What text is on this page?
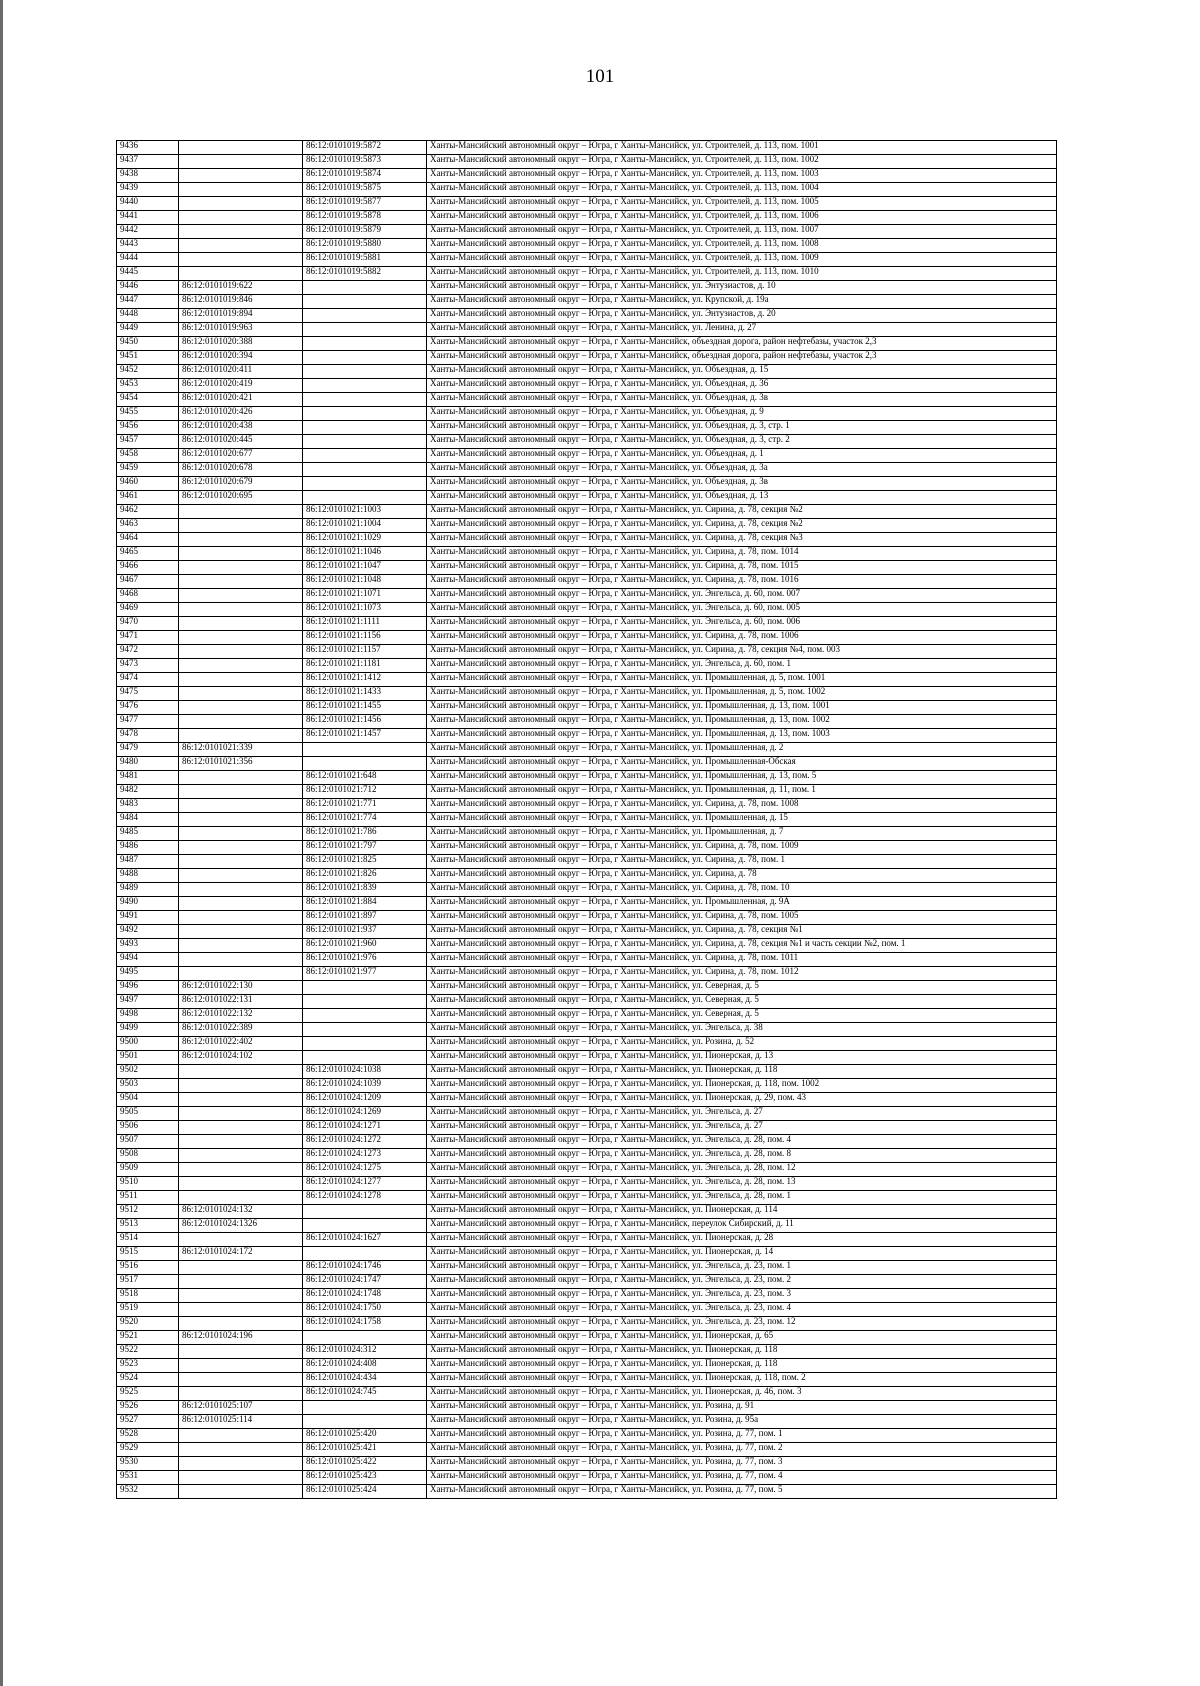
101
9436		86:12:0101019:5872	Ханты-Мансийский автономный округ – Югра, г Ханты-Мансийск, ул. Строителей, д. 113, пом. 1001
9437		86:12:0101019:5873	Ханты-Мансийский автономный округ – Югра, г Ханты-Мансийск, ул. Строителей, д. 113, пом. 1002
9438		86:12:0101019:5874	Ханты-Мансийский автономный округ – Югра, г Ханты-Мансийск, ул. Строителей, д. 113, пом. 1003
9439		86:12:0101019:5875	Ханты-Мансийский автономный округ – Югра, г Ханты-Мансийск, ул. Строителей, д. 113, пом. 1004
9440		86:12:0101019:5877	Ханты-Мансийский автономный округ – Югра, г Ханты-Мансийск, ул. Строителей, д. 113, пом. 1005
9441		86:12:0101019:5878	Ханты-Мансийский автономный округ – Югра, г Ханты-Мансийск, ул. Строителей, д. 113, пом. 1006
9442		86:12:0101019:5879	Ханты-Мансийский автономный округ – Югра, г Ханты-Мансийск, ул. Строителей, д. 113, пом. 1007
9443		86:12:0101019:5880	Ханты-Мансийский автономный округ – Югра, г Ханты-Мансийск, ул. Строителей, д. 113, пом. 1008
9444		86:12:0101019:5881	Ханты-Мансийский автономный округ – Югра, г Ханты-Мансийск, ул. Строителей, д. 113, пом. 1009
9445		86:12:0101019:5882	Ханты-Мансийский автономный округ – Югра, г Ханты-Мансийск, ул. Строителей, д. 113, пом. 1010
9446	86:12:0101019:622		Ханты-Мансийский автономный округ – Югра, г Ханты-Мансийск, ул. Энтузиастов, д. 10
9447	86:12:0101019:846		Ханты-Мансийский автономный округ – Югра, г Ханты-Мансийск, ул. Крупской, д. 19а
9448	86:12:0101019:894		Ханты-Мансийский автономный округ – Югра, г Ханты-Мансийск, ул. Энтузиастов, д. 20
9449	86:12:0101019:963		Ханты-Мансийский автономный округ – Югра, г Ханты-Мансийск, ул. Ленина, д. 27
9450	86:12:0101020:388		Ханты-Мансийский автономный округ – Югра, г Ханты-Мансийск, объездная дорога, район нефтебазы, участок 2,3
9451	86:12:0101020:394		Ханты-Мансийский автономный округ – Югра, г Ханты-Мансийск, объездная дорога, район нефтебазы, участок 2,3
9452	86:12:0101020:411		Ханты-Мансийский автономный округ – Югра, г Ханты-Мансийск, ул. Объездная, д. 15
9453	86:12:0101020:419		Ханты-Мансийский автономный округ – Югра, г Ханты-Мансийск, ул. Объездная, д. 36
9454	86:12:0101020:421		Ханты-Мансийский автономный округ – Югра, г Ханты-Мансийск, ул. Объездная, д. 3в
9455	86:12:0101020:426		Ханты-Мансийский автономный округ – Югра, г Ханты-Мансийск, ул. Объездная, д. 9
9456	86:12:0101020:438		Ханты-Мансийский автономный округ – Югра, г Ханты-Мансийск, ул. Объездная, д. 3, стр. 1
9457	86:12:0101020:445		Ханты-Мансийский автономный округ – Югра, г Ханты-Мансийск, ул. Объездная, д. 3, стр. 2
9458	86:12:0101020:677		Ханты-Мансийский автономный округ – Югра, г Ханты-Мансийск, ул. Объездная, д. 1
9459	86:12:0101020:678		Ханты-Мансийский автономный округ – Югра, г Ханты-Мансийск, ул. Объездная, д. 3а
9460	86:12:0101020:679		Ханты-Мансийский автономный округ – Югра, г Ханты-Мансийск, ул. Объездная, д. 3в
9461	86:12:0101020:695		Ханты-Мансийский автономный округ – Югра, г Ханты-Мансийск, ул. Объездная, д. 13
9462		86:12:0101021:1003	Ханты-Мансийский автономный округ – Югра, г Ханты-Мансийск, ул. Сирина, д. 78, секция №2
9463		86:12:0101021:1004	Ханты-Мансийский автономный округ – Югра, г Ханты-Мансийск, ул. Сирина, д. 78, секция №2
9464		86:12:0101021:1029	Ханты-Мансийский автономный округ – Югра, г Ханты-Мансийск, ул. Сирина, д. 78, секция №3
9465		86:12:0101021:1046	Ханты-Мансийский автономный округ – Югра, г Ханты-Мансийск, ул. Сирина, д. 78, пом. 1014
9466		86:12:0101021:1047	Ханты-Мансийский автономный округ – Югра, г Ханты-Мансийск, ул. Сирина, д. 78, пом. 1015
9467		86:12:0101021:1048	Ханты-Мансийский автономный округ – Югра, г Ханты-Мансийск, ул. Сирина, д. 78, пом. 1016
9468		86:12:0101021:1071	Ханты-Мансийский автономный округ – Югра, г Ханты-Мансийск, ул. Энгельса, д. 60, пом. 007
9469		86:12:0101021:1073	Ханты-Мансийский автономный округ – Югра, г Ханты-Мансийск, ул. Энгельса, д. 60, пом. 005
9470		86:12:0101021:1111	Ханты-Мансийский автономный округ – Югра, г Ханты-Мансийск, ул. Энгельса, д. 60, пом. 006
9471		86:12:0101021:1156	Ханты-Мансийский автономный округ – Югра, г Ханты-Мансийск, ул. Сирина, д. 78, пом. 1006
9472		86:12:0101021:1157	Ханты-Мансийский автономный округ – Югра, г Ханты-Мансийск, ул. Сирина, д. 78, секция №4, пом. 003
9473		86:12:0101021:1181	Ханты-Мансийский автономный округ – Югра, г Ханты-Мансийск, ул. Энгельса, д. 60, пом. 1
9474		86:12:0101021:1412	Ханты-Мансийский автономный округ – Югра, г Ханты-Мансийск, ул. Промышленная, д. 5, пом. 1001
9475		86:12:0101021:1433	Ханты-Мансийский автономный округ – Югра, г Ханты-Мансийск, ул. Промышленная, д. 5, пом. 1002
9476		86:12:0101021:1455	Ханты-Мансийский автономный округ – Югра, г Ханты-Мансийск, ул. Промышленная, д. 13, пом. 1001
9477		86:12:0101021:1456	Ханты-Мансийский автономный округ – Югра, г Ханты-Мансийск, ул. Промышленная, д. 13, пом. 1002
9478		86:12:0101021:1457	Ханты-Мансийский автономный округ – Югра, г Ханты-Мансийск, ул. Промышленная, д. 13, пом. 1003
9479	86:12:0101021:339		Ханты-Мансийский автономный округ – Югра, г Ханты-Мансийск, ул. Промышленная, д. 2
9480	86:12:0101021:356		Ханты-Мансийский автономный округ – Югра, г Ханты-Мансийск, ул. Промышленная-Обская
9481		86:12:0101021:648	Ханты-Мансийский автономный округ – Югра, г Ханты-Мансийск, ул. Промышленная, д. 13, пом. 5
9482		86:12:0101021:712	Ханты-Мансийский автономный округ – Югра, г Ханты-Мансийск, ул. Промышленная, д. 11, пом. 1
9483		86:12:0101021:771	Ханты-Мансийский автономный округ – Югра, г Ханты-Мансийск, ул. Сирина, д. 78, пом. 1008
9484		86:12:0101021:774	Ханты-Мансийский автономный округ – Югра, г Ханты-Мансийск, ул. Промышленная, д. 15
9485		86:12:0101021:786	Ханты-Мансийский автономный округ – Югра, г Ханты-Мансийск, ул. Промышленная, д. 7
9486		86:12:0101021:797	Ханты-Мансийский автономный округ – Югра, г Ханты-Мансийск, ул. Сирина, д. 78, пом. 1009
9487		86:12:0101021:825	Ханты-Мансийский автономный округ – Югра, г Ханты-Мансийск, ул. Сирина, д. 78, пом. 1
9488		86:12:0101021:826	Ханты-Мансийский автономный округ – Югра, г Ханты-Мансийск, ул. Сирина, д. 78
9489		86:12:0101021:839	Ханты-Мансийский автономный округ – Югра, г Ханты-Мансийск, ул. Сирина, д. 78, пом. 10
9490		86:12:0101021:884	Ханты-Мансийский автономный округ – Югра, г Ханты-Мансийск, ул. Промышленная, д. 9А
9491		86:12:0101021:897	Ханты-Мансийский автономный округ – Югра, г Ханты-Мансийск, ул. Сирина, д. 78, пом. 1005
9492		86:12:0101021:937	Ханты-Мансийский автономный округ – Югра, г Ханты-Мансийск, ул. Сирина, д. 78, секция №1
9493		86:12:0101021:960	Ханты-Мансийский автономный округ – Югра, г Ханты-Мансийск, ул. Сирина, д. 78, секция №1 и часть секции №2, пом. 1
9494		86:12:0101021:976	Ханты-Мансийский автономный округ – Югра, г Ханты-Мансийск, ул. Сирина, д. 78, пом. 1011
9495		86:12:0101021:977	Ханты-Мансийский автономный округ – Югра, г Ханты-Мансийск, ул. Сирина, д. 78, пом. 1012
9496	86:12:0101022:130		Ханты-Мансийский автономный округ – Югра, г Ханты-Мансийск, ул. Северная, д. 5
9497	86:12:0101022:131		Ханты-Мансийский автономный округ – Югра, г Ханты-Мансийск, ул. Северная, д. 5
9498	86:12:0101022:132		Ханты-Мансийский автономный округ – Югра, г Ханты-Мансийск, ул. Северная, д. 5
9499	86:12:0101022:389		Ханты-Мансийский автономный округ – Югра, г Ханты-Мансийск, ул. Энгельса, д. 38
9500	86:12:0101022:402		Ханты-Мансийский автономный округ – Югра, г Ханты-Мансийск, ул. Розина, д. 52
9501	86:12:0101024:102		Ханты-Мансийский автономный округ – Югра, г Ханты-Мансийск, ул. Пионерская, д. 13
9502		86:12:0101024:1038	Ханты-Мансийский автономный округ – Югра, г Ханты-Мансийск, ул. Пионерская, д. 118
9503		86:12:0101024:1039	Ханты-Мансийский автономный округ – Югра, г Ханты-Мансийск, ул. Пионерская, д. 118, пом. 1002
9504		86:12:0101024:1209	Ханты-Мансийский автономный округ – Югра, г Ханты-Мансийск, ул. Пионерская, д. 29, пом. 43
9505		86:12:0101024:1269	Ханты-Мансийский автономный округ – Югра, г Ханты-Мансийск, ул. Энгельса, д. 27
9506		86:12:0101024:1271	Ханты-Мансийский автономный округ – Югра, г Ханты-Мансийск, ул. Энгельса, д. 27
9507		86:12:0101024:1272	Ханты-Мансийский автономный округ – Югра, г Ханты-Мансийск, ул. Энгельса, д. 28, пом. 4
9508		86:12:0101024:1273	Ханты-Мансийский автономный округ – Югра, г Ханты-Мансийск, ул. Энгельса, д. 28, пом. 8
9509		86:12:0101024:1275	Ханты-Мансийский автономный округ – Югра, г Ханты-Мансийск, ул. Энгельса, д. 28, пом. 12
9510		86:12:0101024:1277	Ханты-Мансийский автономный округ – Югра, г Ханты-Мансийск, ул. Энгельса, д. 28, пом. 13
9511		86:12:0101024:1278	Ханты-Мансийский автономный округ – Югра, г Ханты-Мансийск, ул. Энгельса, д. 28, пом. 1
9512	86:12:0101024:132		Ханты-Мансийский автономный округ – Югра, г Ханты-Мансийск, ул. Пионерская, д. 114
9513	86:12:0101024:1326		Ханты-Мансийский автономный округ – Югра, г Ханты-Мансийск, переулок Сибирский, д. 11
9514		86:12:0101024:1627	Ханты-Мансийский автономный округ – Югра, г Ханты-Мансийск, ул. Пионерская, д. 28
9515	86:12:0101024:172		Ханты-Мансийский автономный округ – Югра, г Ханты-Мансийск, ул. Пионерская, д. 14
9516		86:12:0101024:1746	Ханты-Мансийский автономный округ – Югра, г Ханты-Мансийск, ул. Энгельса, д. 23, пом. 1
9517		86:12:0101024:1747	Ханты-Мансийский автономный округ – Югра, г Ханты-Мансийск, ул. Энгельса, д. 23, пом. 2
9518		86:12:0101024:1748	Ханты-Мансийский автономный округ – Югра, г Ханты-Мансийск, ул. Энгельса, д. 23, пом. 3
9519		86:12:0101024:1750	Ханты-Мансийский автономный округ – Югра, г Ханты-Мансийск, ул. Энгельса, д. 23, пом. 4
9520		86:12:0101024:1758	Ханты-Мансийский автономный округ – Югра, г Ханты-Мансийск, ул. Энгельса, д. 23, пом. 12
9521	86:12:0101024:196		Ханты-Мансийский автономный округ – Югра, г Ханты-Мансийск, ул. Пионерская, д. 65
9522		86:12:0101024:312	Ханты-Мансийский автономный округ – Югра, г Ханты-Мансийск, ул. Пионерская, д. 118
9523		86:12:0101024:408	Ханты-Мансийский автономный округ – Югра, г Ханты-Мансийск, ул. Пионерская, д. 118
9524		86:12:0101024:434	Ханты-Мансийский автономный округ – Югра, г Ханты-Мансийск, ул. Пионерская, д. 118, пом. 2
9525		86:12:0101024:745	Ханты-Мансийский автономный округ – Югра, г Ханты-Мансийск, ул. Пионерская, д. 46, пом. 3
9526	86:12:0101025:107		Ханты-Мансийский автономный округ – Югра, г Ханты-Мансийск, ул. Розина, д. 91
9527	86:12:0101025:114		Ханты-Мансийский автономный округ – Югра, г Ханты-Мансийск, ул. Розина, д. 95а
9528		86:12:0101025:420	Ханты-Мансийский автономный округ – Югра, г Ханты-Мансийск, ул. Розина, д. 77, пом. 1
9529		86:12:0101025:421	Ханты-Мансийский автономный округ – Югра, г Ханты-Мансийск, ул. Розина, д. 77, пом. 2
9530		86:12:0101025:422	Ханты-Мансийский автономный округ – Югра, г Ханты-Мансийск, ул. Розина, д. 77, пом. 3
9531		86:12:0101025:423	Ханты-Мансийский автономный округ – Югра, г Ханты-Мансийск, ул. Розина, д. 77, пом. 4
9532		86:12:0101025:424	Ханты-Мансийский автономный округ – Югра, г Ханты-Мансийск, ул. Розина, д. 77, пом. 5
